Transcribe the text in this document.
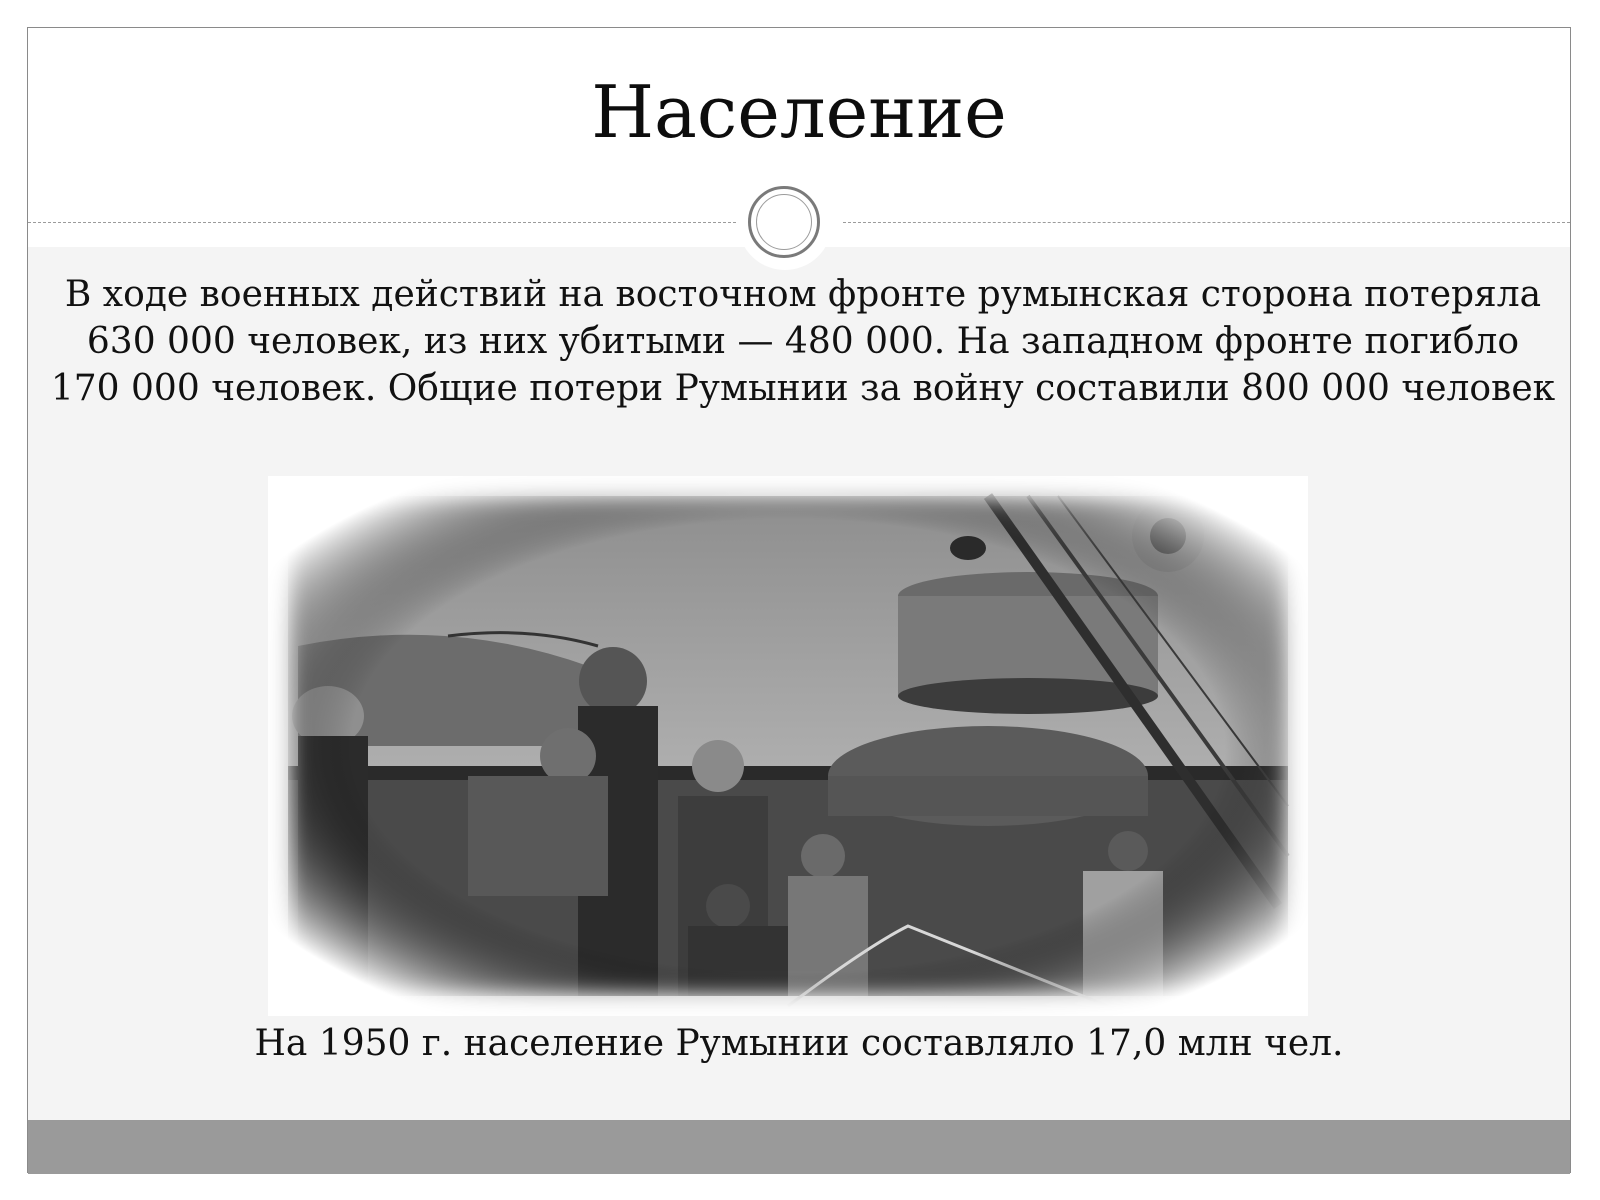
Население
В ходе военных действий на восточном фронте румынская сторона потеряла 630 000 человек, из них убитыми — 480 000. На западном фронте погибло 170 000 человек. Общие потери Румынии за войну составили 800 000 человек
На 1950 г. население Румынии составляло 17,0 млн чел.
